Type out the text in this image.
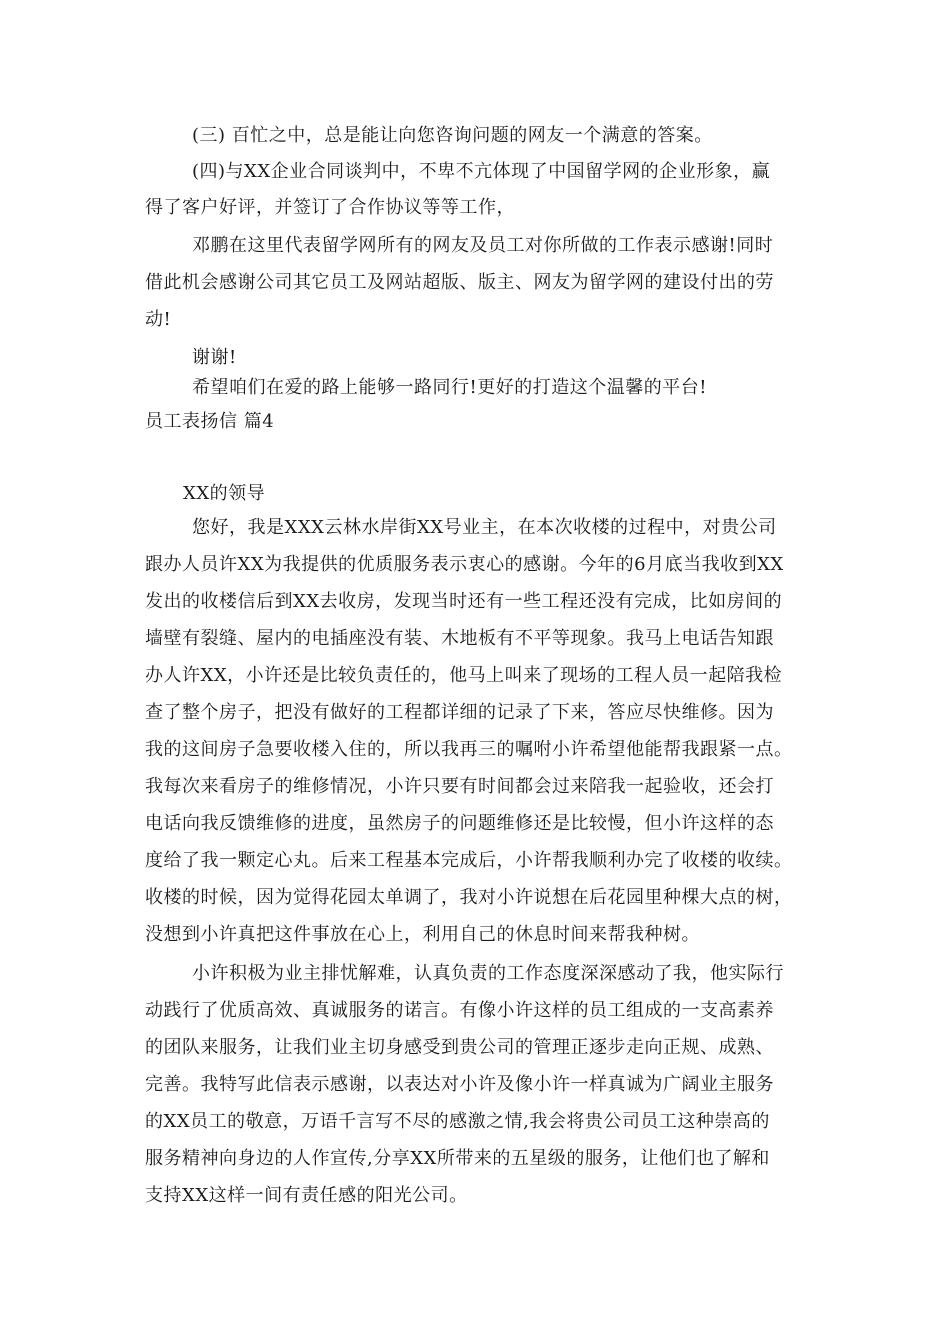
(三) 百忙之中，总是能让向您咨询问题的网友一个满意的答案。
(四)与XX企业合同谈判中，不卑不亢体现了中国留学网的企业形象，赢
得了客户好评，并签订了合作协议等等工作，
邓鹏在这里代表留学网所有的网友及员工对你所做的工作表示感谢!同时
借此机会感谢公司其它员工及网站超版、版主、网友为留学网的建设付出的劳
动!
谢谢!
希望咱们在爱的路上能够一路同行!更好的打造这个温馨的平台!
员工表扬信 篇4
XX的领导
您好，我是XXX云林水岸街XX号业主，在本次收楼的过程中，对贵公司
跟办人员许XX为我提供的优质服务表示衷心的感谢。今年的6月底当我收到XX
发出的收楼信后到XX去收房，发现当时还有一些工程还没有完成，比如房间的
墙壁有裂缝、屋内的电插座没有装、木地板有不平等现象。我马上电话告知跟
办人许XX，小许还是比较负责任的，他马上叫来了现场的工程人员一起陪我检
查了整个房子，把没有做好的工程都详细的记录了下来，答应尽快维修。因为
我的这间房子急要收楼入住的，所以我再三的嘱咐小许希望他能帮我跟紧一点。
我每次来看房子的维修情况，小许只要有时间都会过来陪我一起验收，还会打
电话向我反馈维修的进度，虽然房子的问题维修还是比较慢，但小许这样的态
度给了我一颗定心丸。后来工程基本完成后，小许帮我顺利办完了收楼的收续。
收楼的时候，因为觉得花园太单调了，我对小许说想在后花园里种棵大点的树，
没想到小许真把这件事放在心上，利用自己的休息时间来帮我种树。
小许积极为业主排忧解难，认真负责的工作态度深深感动了我，他实际行
动践行了优质高效、真诚服务的诺言。有像小许这样的员工组成的一支高素养
的团队来服务，让我们业主切身感受到贵公司的管理正逐步走向正规、成熟、
完善。我特写此信表示感谢，以表达对小许及像小许一样真诚为广阔业主服务
的XX员工的敬意，万语千言写不尽的感激之情,我会将贵公司员工这种崇高的
服务精神向身边的人作宣传,分享XX所带来的五星级的服务，让他们也了解和
支持XX这样一间有责任感的阳光公司。
